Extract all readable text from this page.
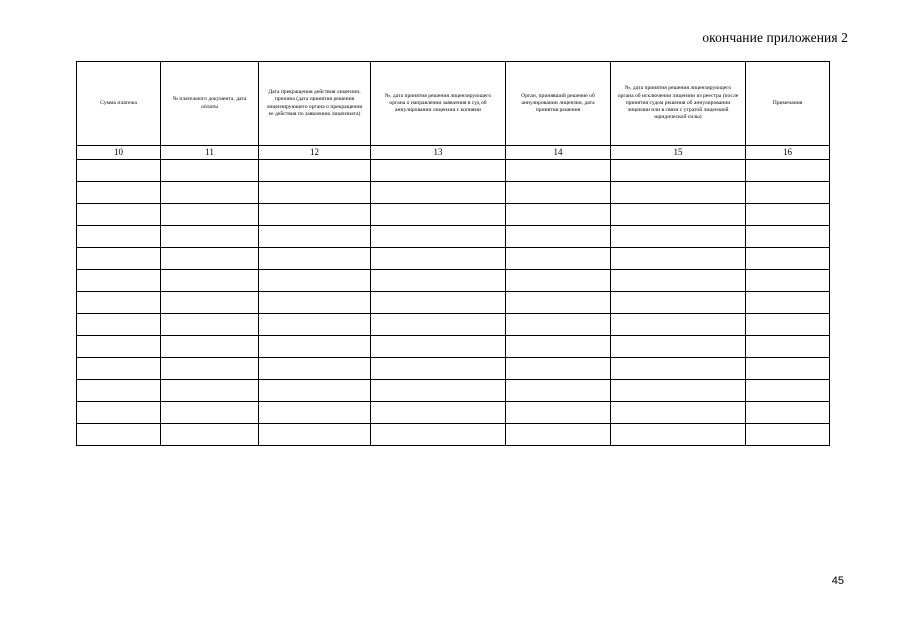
окончание приложения 2
Сумма платежа	№ платежного документа, дата оплаты	Дата прекращения действия лицензии, причина (дата принятия решения лицензирующего органа о прекращении ее действия по заявлению лицензиата)	№, дата принятия решения лицензирующего органа о направлении заявления в суд об аннулировании лицензии с копиями	Орган, принявший решение об аннулировании лицензии, дата принятия решения	№, дата принятия решения лицензирующего органа об исключении лицензии из реестра (после принятия судом решения об аннулировании лицензии или в связи с утратой лицензией юридической силы)	Примечания
10	11	12	13	14	15	16

45
